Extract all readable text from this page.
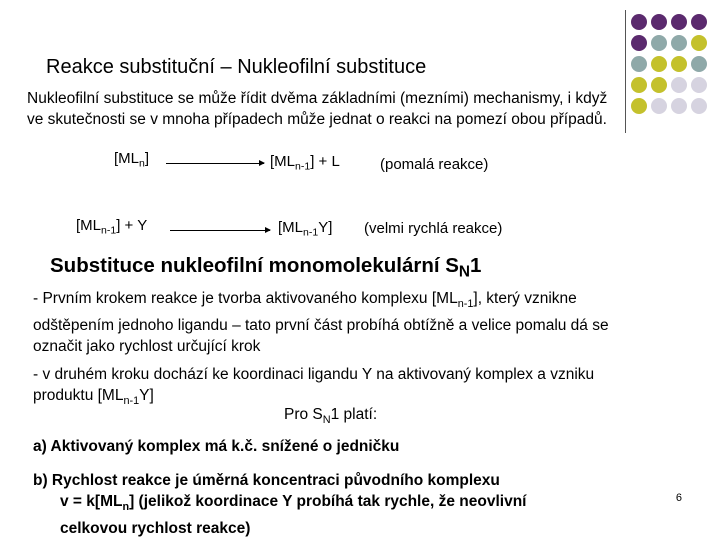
Reakce substituční – Nukleofilní substituce
Nukleofilní substituce se může řídit dvěma základními (mezními) mechanismy, i když ve skutečnosti se v mnoha případech může jednat o reakci na pomezí obou případů.
$[ML_n]$	$[ML_{n-1}] + L$	(pomalá reakce)
$[ML_{n-1}] + Y$	$[ML_{n-1}Y]$ (velmi rychlá reakce)
Substituce nukleofilní monomolekulární $S_N1$
- Prvním krokem reakce je tvorba aktivovaného komplexu $[ML_{n-1}]$, který vznikne odštěpením jednoho ligandu – tato první část probíhá obtížně a velice pomalu dá se označit jako rychlost určující krok
- v druhém kroku dochází ke koordinaci ligandu Y na aktivovaný komplex a vzniku produktu $[ML_{n-1}Y]$
Pro $S_N1$ platí:
a) Aktivovaný komplex má k.č. snížené o jedničku
b) Rychlost reakce je úměrná koncentraci původního komplexu
$v = k[ML_n]$ (jelikož koordinace Y probíhá tak rychle, že neovlivní
celkovou rychlost reakce)
6
